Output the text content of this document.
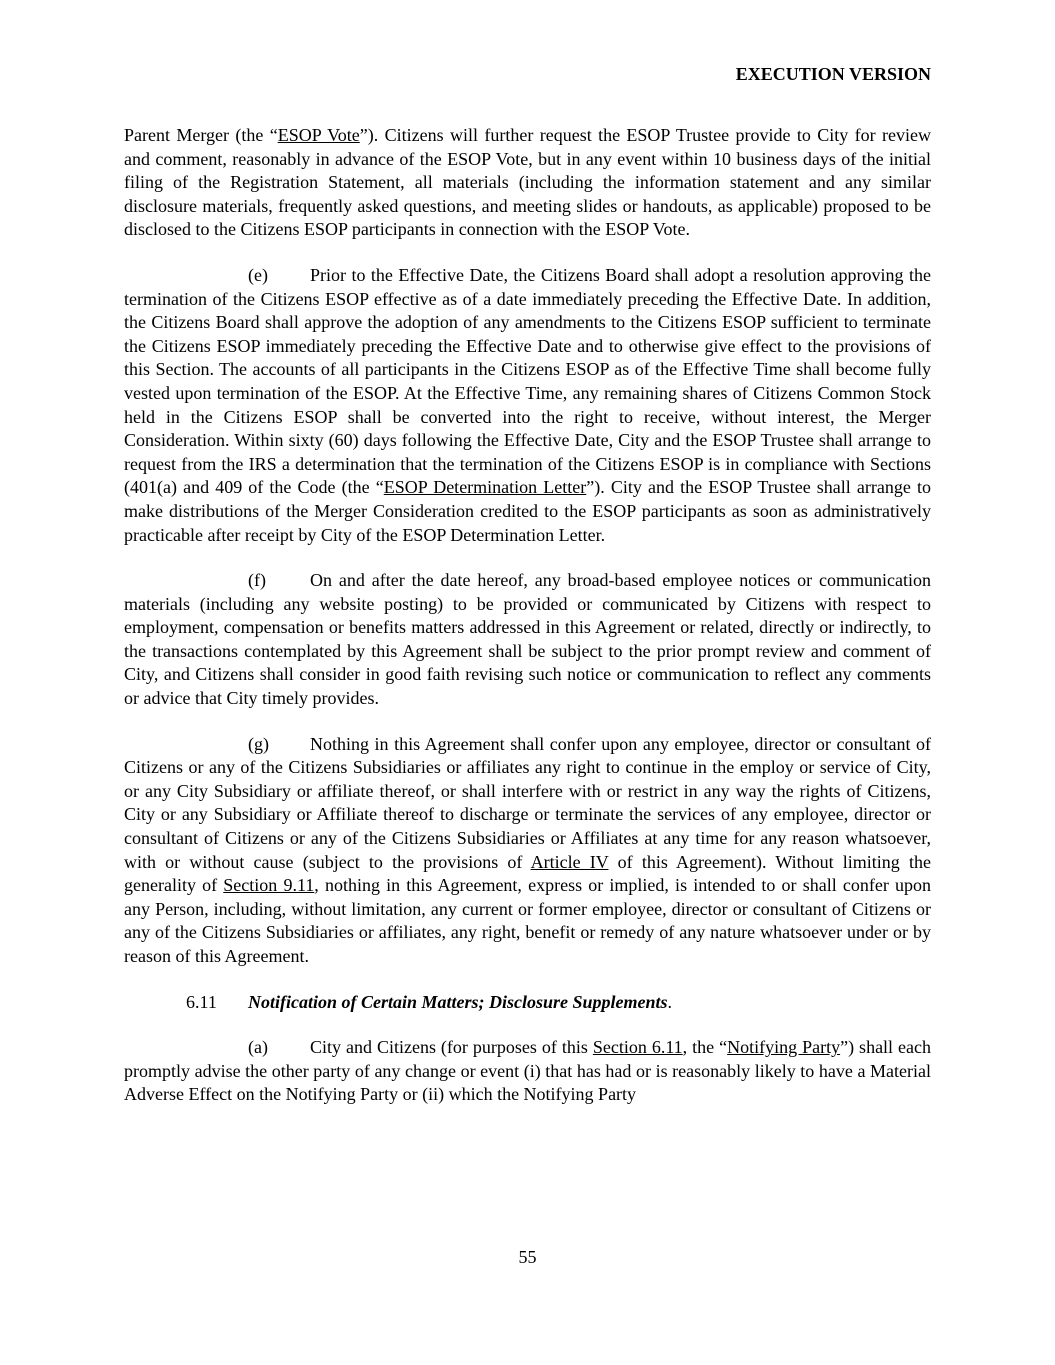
EXECUTION VERSION

Parent Merger (the “ESOP Vote”). Citizens will further request the ESOP Trustee provide to City for review and comment, reasonably in advance of the ESOP Vote, but in any event within 10 business days of the initial filing of the Registration Statement, all materials (including the information statement and any similar disclosure materials, frequently asked questions, and meeting slides or handouts, as applicable) proposed to be disclosed to the Citizens ESOP participants in connection with the ESOP Vote.

(e) Prior to the Effective Date, the Citizens Board shall adopt a resolution approving the termination of the Citizens ESOP effective as of a date immediately preceding the Effective Date. In addition, the Citizens Board shall approve the adoption of any amendments to the Citizens ESOP sufficient to terminate the Citizens ESOP immediately preceding the Effective Date and to otherwise give effect to the provisions of this Section. The accounts of all participants in the Citizens ESOP as of the Effective Time shall become fully vested upon termination of the ESOP. At the Effective Time, any remaining shares of Citizens Common Stock held in the Citizens ESOP shall be converted into the right to receive, without interest, the Merger Consideration. Within sixty (60) days following the Effective Date, City and the ESOP Trustee shall arrange to request from the IRS a determination that the termination of the Citizens ESOP is in compliance with Sections (401(a) and 409 of the Code (the “ESOP Determination Letter”). City and the ESOP Trustee shall arrange to make distributions of the Merger Consideration credited to the ESOP participants as soon as administratively practicable after receipt by City of the ESOP Determination Letter.

(f) On and after the date hereof, any broad-based employee notices or communication materials (including any website posting) to be provided or communicated by Citizens with respect to employment, compensation or benefits matters addressed in this Agreement or related, directly or indirectly, to the transactions contemplated by this Agreement shall be subject to the prior prompt review and comment of City, and Citizens shall consider in good faith revising such notice or communication to reflect any comments or advice that City timely provides.

(g) Nothing in this Agreement shall confer upon any employee, director or consultant of Citizens or any of the Citizens Subsidiaries or affiliates any right to continue in the employ or service of City, or any City Subsidiary or affiliate thereof, or shall interfere with or restrict in any way the rights of Citizens, City or any Subsidiary or Affiliate thereof to discharge or terminate the services of any employee, director or consultant of Citizens or any of the Citizens Subsidiaries or Affiliates at any time for any reason whatsoever, with or without cause (subject to the provisions of Article IV of this Agreement). Without limiting the generality of Section 9.11, nothing in this Agreement, express or implied, is intended to or shall confer upon any Person, including, without limitation, any current or former employee, director or consultant of Citizens or any of the Citizens Subsidiaries or affiliates, any right, benefit or remedy of any nature whatsoever under or by reason of this Agreement.

6.11 Notification of Certain Matters; Disclosure Supplements.

(a) City and Citizens (for purposes of this Section 6.11, the “Notifying Party”) shall each promptly advise the other party of any change or event (i) that has had or is reasonably likely to have a Material Adverse Effect on the Notifying Party or (ii) which the Notifying Party

55
